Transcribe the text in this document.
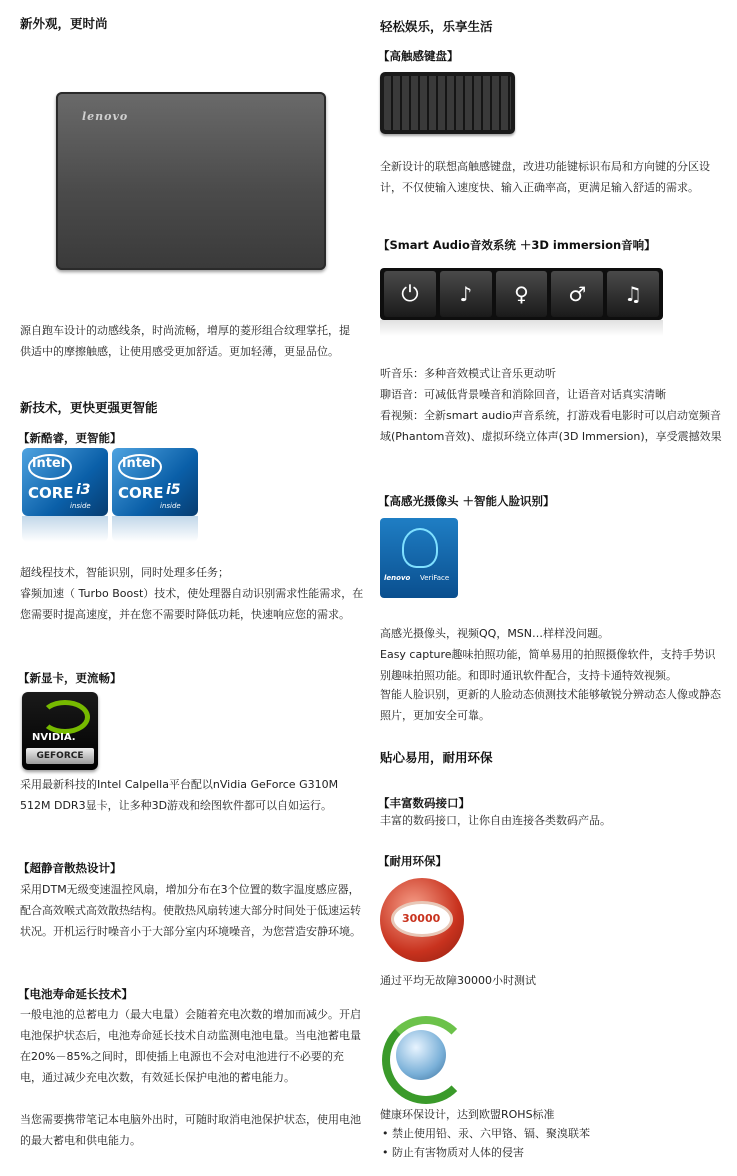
新外观，更时尚
lenovo
源自跑车设计的动感线条，时尚流畅，增厚的菱形组合纹理掌托，提供适中的摩擦触感，让使用感受更加舒适。更加轻薄，更显品位。
新技术，更快更强更智能
【新酷睿，更智能】
intel
CORE i3
inside
intel
CORE i5
inside
超线程技术，智能识别，同时处理多任务；
睿频加速（ Turbo Boost）技术，使处理器自动识别需求性能需求，在您需要时提高速度，并在您不需要时降低功耗，快速响应您的需求。
【新显卡，更流畅】
NVIDIA.
GEFORCE
采用最新科技的Intel Calpella平台配以nVidia GeForce G310M 512M DDR3显卡，让多种3D游戏和绘图软件都可以自如运行。
【超静音散热设计】
采用DTM无级变速温控风扇，增加分布在3个位置的数字温度感应器，配合高效喉式高效散热结构。使散热风扇转速大部分时间处于低速运转状况。开机运行时噪音小于大部分室内环境噪音，为您营造安静环境。
【电池寿命延长技术】
一般电池的总蓄电力（最大电量）会随着充电次数的增加而减少。开启电池保护状态后，电池寿命延长技术自动监测电池电量。当电池蓄电量在20%－85%之间时，即使插上电源也不会对电池进行不必要的充电，通过减少充电次数，有效延长保护电池的蓄电能力。
当您需要携带笔记本电脑外出时，可随时取消电池保护状态，使用电池的最大蓄电和供电能力。
轻松娱乐，乐享生活
【高触感键盘】
全新设计的联想高触感键盘，改进功能键标识布局和方向键的分区设计，不仅使输入速度快、输入正确率高，更满足输入舒适的需求。
【Smart Audio音效系统 ＋3D immersion音响】
⏻	♪	♀	♂	♫
听音乐：多种音效模式让音乐更动听
聊语音：可减低背景噪音和消除回音，让语音对话真实清晰
看视频：全新smart audio声音系统，打游戏看电影时可以启动宽频音域(Phantom音效)、虚拟环绕立体声(3D Immersion)，享受震撼效果
【高感光摄像头 ＋智能人脸识别】
lenovo VeriFace
高感光摄像头，视频QQ，MSN…样样没问题。
Easy capture趣味拍照功能，简单易用的拍照摄像软件，支持手势识别趣味拍照功能。和即时通讯软件配合，支持卡通特效视频。
智能人脸识别，更新的人脸动态侦测技术能够敏锐分辨动态人像或静态照片，更加安全可靠。
贴心易用，耐用环保
【丰富数码接口】
丰富的数码接口，让你自由连接各类数码产品。
【耐用环保】
30000
通过平均无故障30000小时测试
健康环保设计，达到欧盟ROHS标准
• 禁止使用铅、汞、六甲铬、镉、聚溴联苯
• 防止有害物质对人体的侵害
